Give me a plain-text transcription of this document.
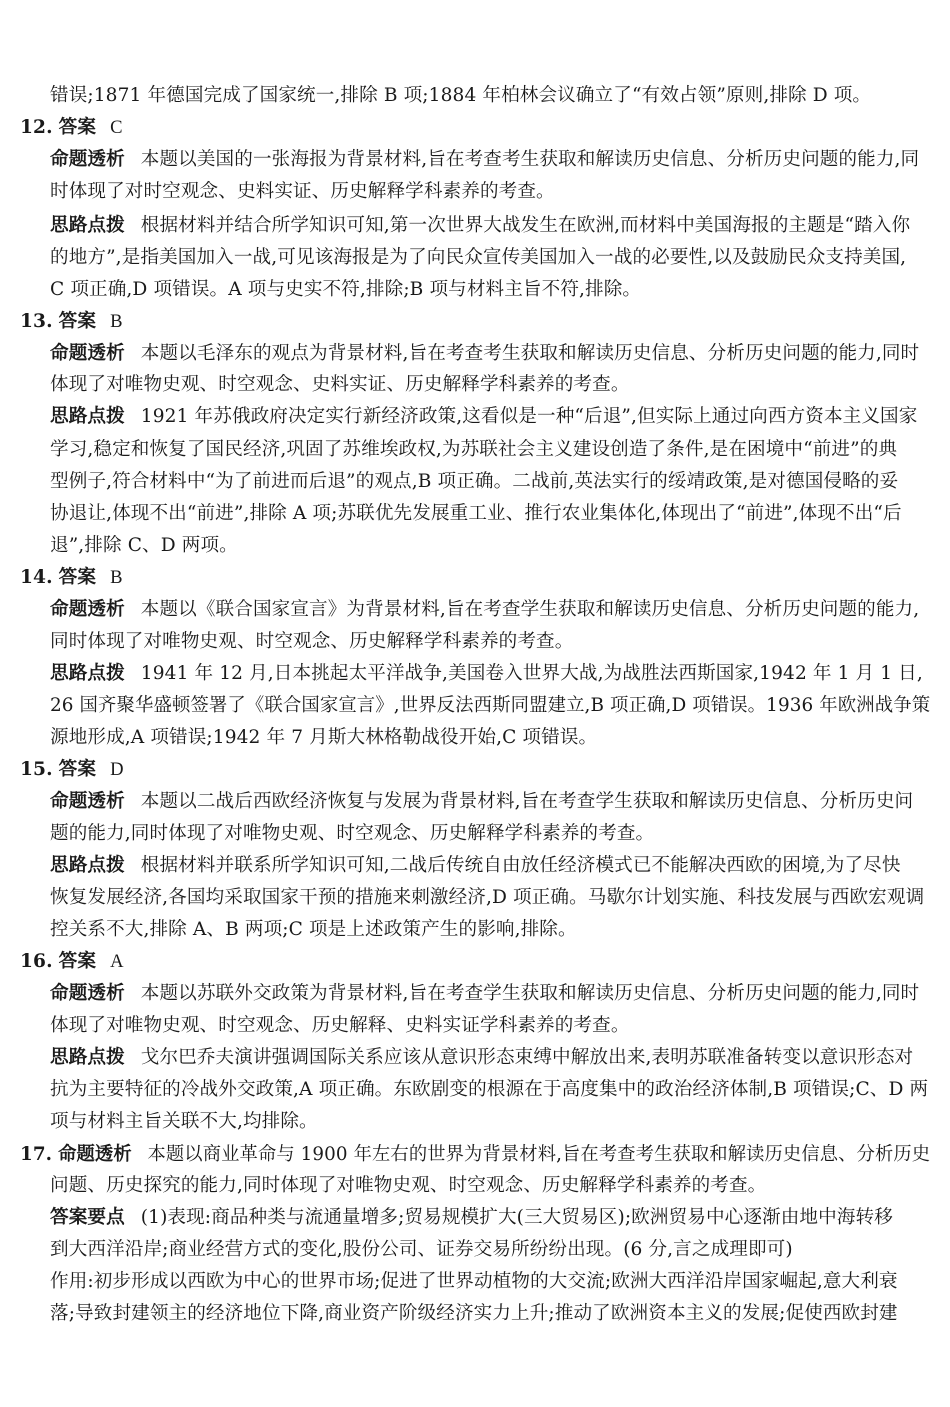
错误;1871 年德国完成了国家统一,排除 B 项;1884 年柏林会议确立了“有效占领”原则,排除 D 项。
12. 答案 C
命题透析 本题以美国的一张海报为背景材料,旨在考查考生获取和解读历史信息、分析历史问题的能力,同
时体现了对时空观念、史料实证、历史解释学科素养的考查。
思路点拨 根据材料并结合所学知识可知,第一次世界大战发生在欧洲,而材料中美国海报的主题是“踏入你
的地方”,是指美国加入一战,可见该海报是为了向民众宣传美国加入一战的必要性,以及鼓励民众支持美国,
C 项正确,D 项错误。A 项与史实不符,排除;B 项与材料主旨不符,排除。
13. 答案 B
命题透析 本题以毛泽东的观点为背景材料,旨在考查考生获取和解读历史信息、分析历史问题的能力,同时
体现了对唯物史观、时空观念、史料实证、历史解释学科素养的考查。
思路点拨 1921 年苏俄政府决定实行新经济政策,这看似是一种“后退”,但实际上通过向西方资本主义国家
学习,稳定和恢复了国民经济,巩固了苏维埃政权,为苏联社会主义建设创造了条件,是在困境中“前进”的典
型例子,符合材料中“为了前进而后退”的观点,B 项正确。二战前,英法实行的绥靖政策,是对德国侵略的妥
协退让,体现不出“前进”,排除 A 项;苏联优先发展重工业、推行农业集体化,体现出了“前进”,体现不出“后
退”,排除 C、D 两项。
14. 答案 B
命题透析 本题以《联合国家宣言》为背景材料,旨在考查学生获取和解读历史信息、分析历史问题的能力,
同时体现了对唯物史观、时空观念、历史解释学科素养的考查。
思路点拨 1941 年 12 月,日本挑起太平洋战争,美国卷入世界大战,为战胜法西斯国家,1942 年 1 月 1 日,
26 国齐聚华盛顿签署了《联合国家宣言》,世界反法西斯同盟建立,B 项正确,D 项错误。1936 年欧洲战争策
源地形成,A 项错误;1942 年 7 月斯大林格勒战役开始,C 项错误。
15. 答案 D
命题透析 本题以二战后西欧经济恢复与发展为背景材料,旨在考查学生获取和解读历史信息、分析历史问
题的能力,同时体现了对唯物史观、时空观念、历史解释学科素养的考查。
思路点拨 根据材料并联系所学知识可知,二战后传统自由放任经济模式已不能解决西欧的困境,为了尽快
恢复发展经济,各国均采取国家干预的措施来刺激经济,D 项正确。马歇尔计划实施、科技发展与西欧宏观调
控关系不大,排除 A、B 两项;C 项是上述政策产生的影响,排除。
16. 答案 A
命题透析 本题以苏联外交政策为背景材料,旨在考查学生获取和解读历史信息、分析历史问题的能力,同时
体现了对唯物史观、时空观念、历史解释、史料实证学科素养的考查。
思路点拨 戈尔巴乔夫演讲强调国际关系应该从意识形态束缚中解放出来,表明苏联准备转变以意识形态对
抗为主要特征的冷战外交政策,A 项正确。东欧剧变的根源在于高度集中的政治经济体制,B 项错误;C、D 两
项与材料主旨关联不大,均排除。
17. 命题透析 本题以商业革命与 1900 年左右的世界为背景材料,旨在考查考生获取和解读历史信息、分析历史
问题、历史探究的能力,同时体现了对唯物史观、时空观念、历史解释学科素养的考查。
答案要点 (1)表现:商品种类与流通量增多;贸易规模扩大(三大贸易区);欧洲贸易中心逐渐由地中海转移
到大西洋沿岸;商业经营方式的变化,股份公司、证券交易所纷纷出现。(6 分,言之成理即可)
作用:初步形成以西欧为中心的世界市场;促进了世界动植物的大交流;欧洲大西洋沿岸国家崛起,意大利衰
落;导致封建领主的经济地位下降,商业资产阶级经济实力上升;推动了欧洲资本主义的发展;促使西欧封建
